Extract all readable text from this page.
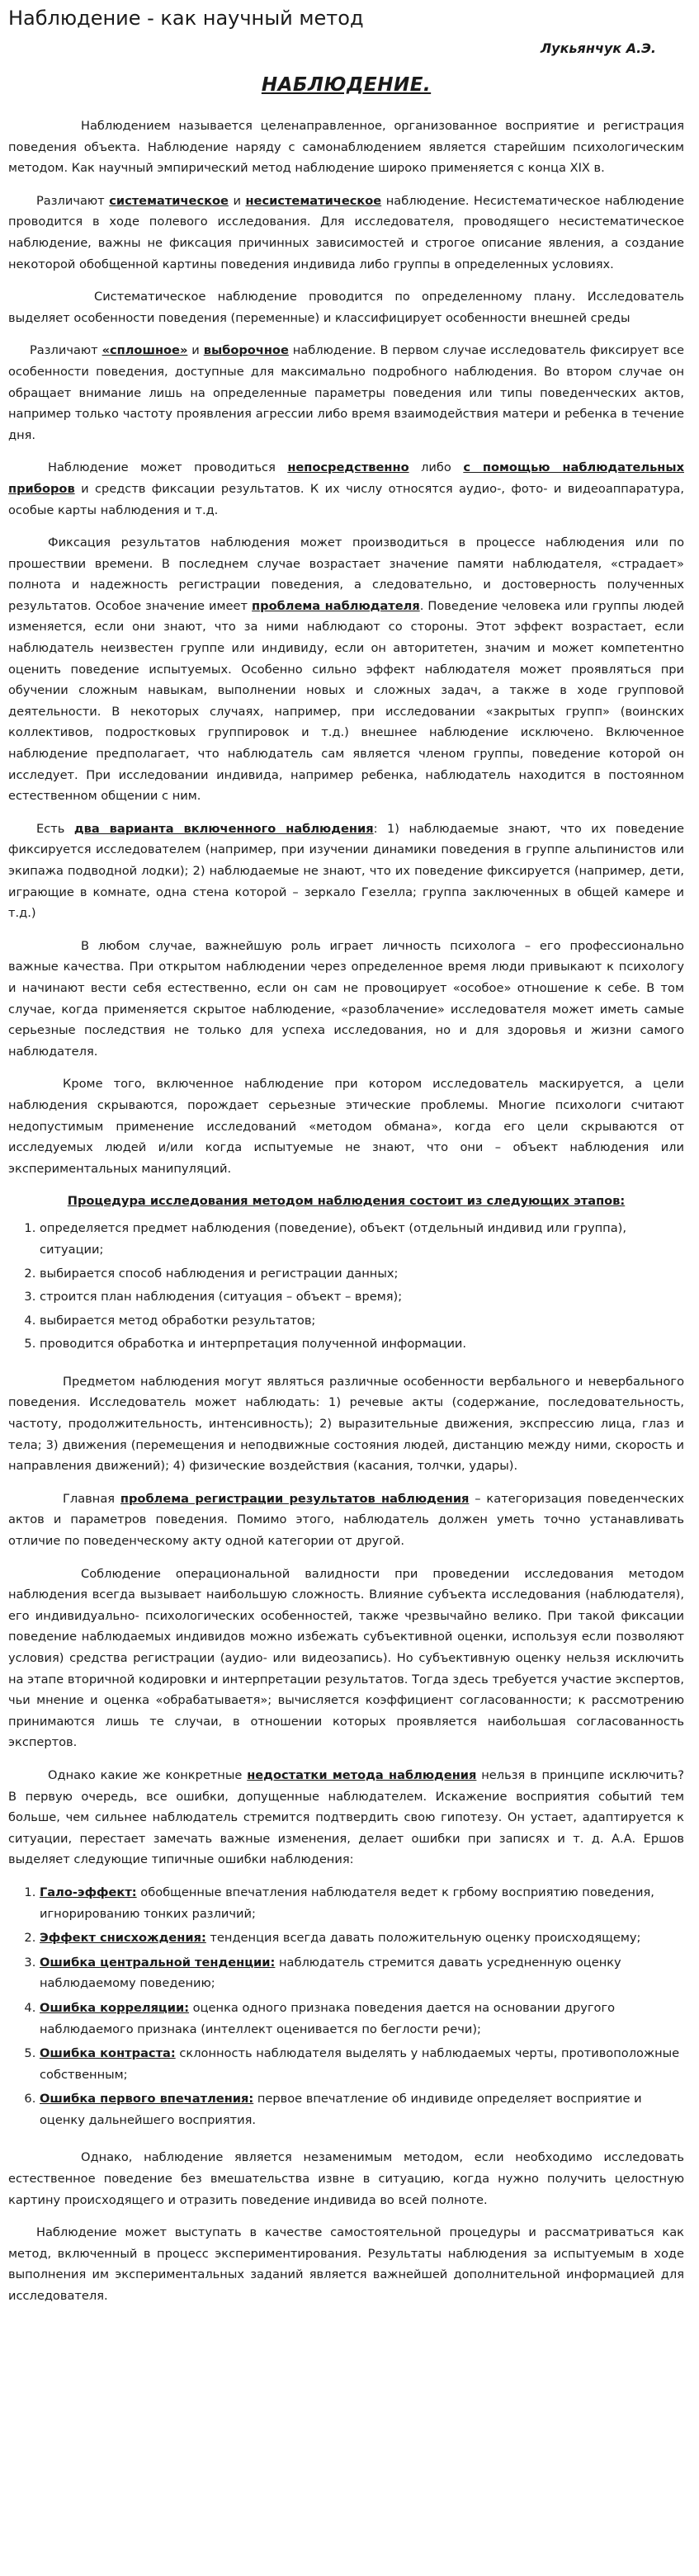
Наблюдение - как научный метод
Лукьянчук А.Э.
НАБЛЮДЕНИЕ.

Наблюдением называется целенаправленное, организованное восприятие и регистрация поведения объекта. Наблюдение наряду с самонаблюдением является старейшим психологическим методом. Как научный эмпирический метод наблюдение широко применяется с конца XIX в.

Различают систематическое и несистематическое наблюдение. Несистематическое наблюдение проводится в ходе полевого исследования. Для исследователя, проводящего несистематическое наблюдение, важны не фиксация причинных зависимостей и строгое описание явления, а создание некоторой обобщенной картины поведения индивида либо группы в определенных условиях.

Систематическое наблюдение проводится по определенному плану. Исследователь выделяет особенности поведения (переменные) и классифицирует особенности внешней среды

Различают «сплошное» и выборочное наблюдение. В первом случае исследователь фиксирует все особенности поведения, доступные для максимально подробного наблюдения. Во втором случае он обращает внимание лишь на определенные параметры поведения или типы поведенческих актов, например только частоту проявления агрессии либо время взаимодействия матери и ребенка в течение дня.

Наблюдение может проводиться непосредственно либо с помощью наблюдательных приборов и средств фиксации результатов. К их числу относятся аудио-, фото- и видеоаппаратура, особые карты наблюдения и т.д.

Фиксация результатов наблюдения может производиться в процессе наблюдения или по прошествии времени. В последнем случае возрастает значение памяти наблюдателя, «страдает» полнота и надежность регистрации поведения, а следовательно, и достоверность полученных результатов. Особое значение имеет проблема наблюдателя. Поведение человека или группы людей изменяется, если они знают, что за ними наблюдают со стороны. Этот эффект возрастает, если наблюдатель неизвестен группе или индивиду, если он авторитетен, значим и может компетентно оценить поведение испытуемых. Особенно сильно эффект наблюдателя может проявляться при обучении сложным навыкам, выполнении новых и сложных задач, а также в ходе групповой деятельности. В некоторых случаях, например, при исследовании «закрытых групп» (воинских коллективов, подростковых группировок и т.д.) внешнее наблюдение исключено. Включенное наблюдение предполагает, что наблюдатель сам является членом группы, поведение которой он исследует. При исследовании индивида, например ребенка, наблюдатель находится в постоянном естественном общении с ним.

Есть два варианта включенного наблюдения: 1) наблюдаемые знают, что их поведение фиксируется исследователем (например, при изучении динамики поведения в группе альпинистов или экипажа подводной лодки); 2) наблюдаемые не знают, что их поведение фиксируется (например, дети, играющие в комнате, одна стена которой – зеркало Гезелла; группа заключенных в общей камере и т.д.)

В любом случае, важнейшую роль играет личность психолога – его профессионально важные качества. При открытом наблюдении через определенное время люди привыкают к психологу и начинают вести себя естественно, если он сам не провоцирует «особое» отношение к себе. В том случае, когда применяется скрытое наблюдение, «разоблачение» исследователя может иметь самые серьезные последствия не только для успеха исследования, но и для здоровья и жизни самого наблюдателя.

Кроме того, включенное наблюдение при котором исследователь маскируется, а цели наблюдения скрываются, порождает серьезные этические проблемы. Многие психологи считают недопустимым применение исследований «методом обмана», когда его цели скрываются от исследуемых людей и/или когда испытуемые не знают, что они – объект наблюдения или экспериментальных манипуляций.

Процедура исследования методом наблюдения состоит из следующих этапов:
1. определяется предмет наблюдения (поведение), объект (отдельный индивид или группа), ситуации;
2. выбирается способ наблюдения и регистрации данных;
3. строится план наблюдения (ситуация – объект – время);
4. выбирается метод обработки результатов;
5. проводится обработка и интерпретация полученной информации.

Предметом наблюдения могут являться различные особенности вербального и невербального поведения. Исследователь может наблюдать: 1) речевые акты (содержание, последовательность, частоту, продолжительность, интенсивность); 2) выразительные движения, экспрессию лица, глаз и тела; 3) движения (перемещения и неподвижные состояния людей, дистанцию между ними, скорость и направления движений); 4) физические воздействия (касания, толчки, удары).

Главная проблема регистрации результатов наблюдения – категоризация поведенческих актов и параметров поведения. Помимо этого, наблюдатель должен уметь точно устанавливать отличие по поведенческому акту одной категории от другой.

Соблюдение операциональной валидности при проведении исследования методом наблюдения всегда вызывает наибольшую сложность. Влияние субъекта исследования (наблюдателя), его индивидуально- психологических особенностей, также чрезвычайно велико. При такой фиксации поведение наблюдаемых индивидов можно избежать субъективной оценки, используя если позволяют условия) средства регистрации (аудио- или видеозапись). Но субъективную оценку нельзя исключить на этапе вторичной кодировки и интерпретации результатов. Тогда здесь требуется участие экспертов, чьи мнение и оценка «обрабатываетя»; вычисляется коэффициент согласованности; к рассмотрению принимаются лишь те случаи, в отношении которых проявляется наибольшая согласованность экспертов.

Однако какие же конкретные недостатки метода наблюдения нельзя в принципе исключить? В первую очередь, все ошибки, допущенные наблюдателем. Искажение восприятия событий тем больше, чем сильнее наблюдатель стремится подтвердить свою гипотезу. Он устает, адаптируется к ситуации, перестает замечать важные изменения, делает ошибки при записях и т. д. А.А. Ершов выделяет следующие типичные ошибки наблюдения:

1. Гало-эффект: обобщенные впечатления наблюдателя ведет к грбому восприятию поведения, игнорированию тонких различий;
2. Эффект снисхождения: тенденция всегда давать положительную оценку происходящему;
3. Ошибка центральной тенденции: наблюдатель стремится давать усредненную оценку наблюдаемому поведению;
4. Ошибка корреляции: оценка одного признака поведения дается на основании другого наблюдаемого признака (интеллект оценивается по беглости речи);
5. Ошибка контраста: склонность наблюдателя выделять у наблюдаемых черты, противоположные собственным;
6. Ошибка первого впечатления: первое впечатление об индивиде определяет восприятие и оценку дальнейшего восприятия.

Однако, наблюдение является незаменимым методом, если необходимо исследовать естественное поведение без вмешательства извне в ситуацию, когда нужно получить целостную картину происходящего и отразить поведение индивида во всей полноте.

Наблюдение может выступать в качестве самостоятельной процедуры и рассматриваться как метод, включенный в процесс экспериментирования. Результаты наблюдения за испытуемым в ходе выполнения им экспериментальных заданий является важнейшей дополнительной информацией для исследователя.
